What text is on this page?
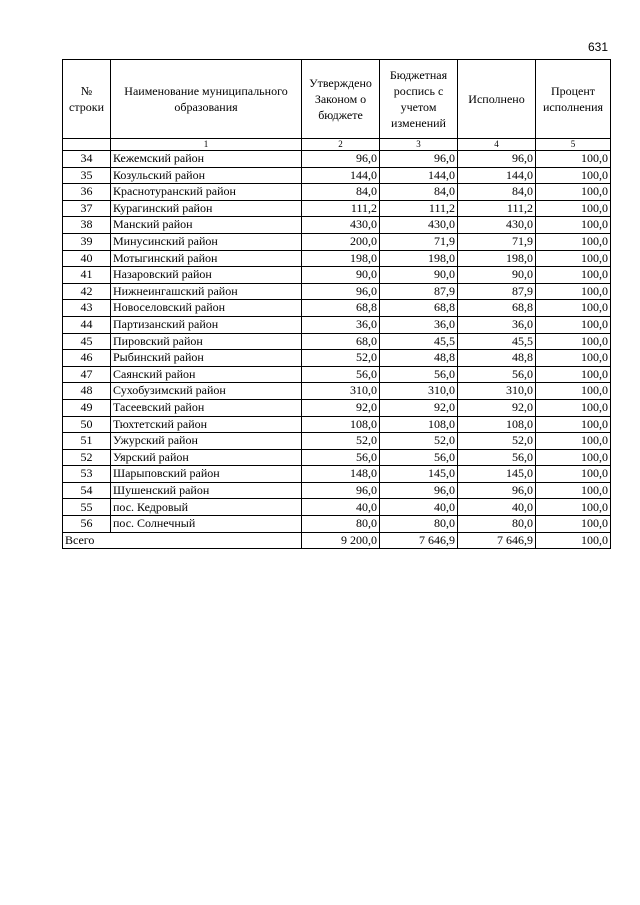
631
№ строки	Наименование муниципального образования	Утверждено Законом о бюджете	Бюджетная роспись с учетом изменений	Исполнено	Процент исполнения
	1	2	3	4	5
34	Кежемский район	96,0	96,0	96,0	100,0
35	Козульский район	144,0	144,0	144,0	100,0
36	Краснотуранский район	84,0	84,0	84,0	100,0
37	Курагинский район	111,2	111,2	111,2	100,0
38	Манский район	430,0	430,0	430,0	100,0
39	Минусинский район	200,0	71,9	71,9	100,0
40	Мотыгинский район	198,0	198,0	198,0	100,0
41	Назаровский район	90,0	90,0	90,0	100,0
42	Нижнеингашский район	96,0	87,9	87,9	100,0
43	Новоселовский район	68,8	68,8	68,8	100,0
44	Партизанский район	36,0	36,0	36,0	100,0
45	Пировский район	68,0	45,5	45,5	100,0
46	Рыбинский район	52,0	48,8	48,8	100,0
47	Саянский район	56,0	56,0	56,0	100,0
48	Сухобузимский район	310,0	310,0	310,0	100,0
49	Тасеевский район	92,0	92,0	92,0	100,0
50	Тюхтетский район	108,0	108,0	108,0	100,0
51	Ужурский район	52,0	52,0	52,0	100,0
52	Уярский район	56,0	56,0	56,0	100,0
53	Шарыповский район	148,0	145,0	145,0	100,0
54	Шушенский район	96,0	96,0	96,0	100,0
55	пос. Кедровый	40,0	40,0	40,0	100,0
56	пос. Солнечный	80,0	80,0	80,0	100,0
Всего		9 200,0	7 646,9	7 646,9	100,0
